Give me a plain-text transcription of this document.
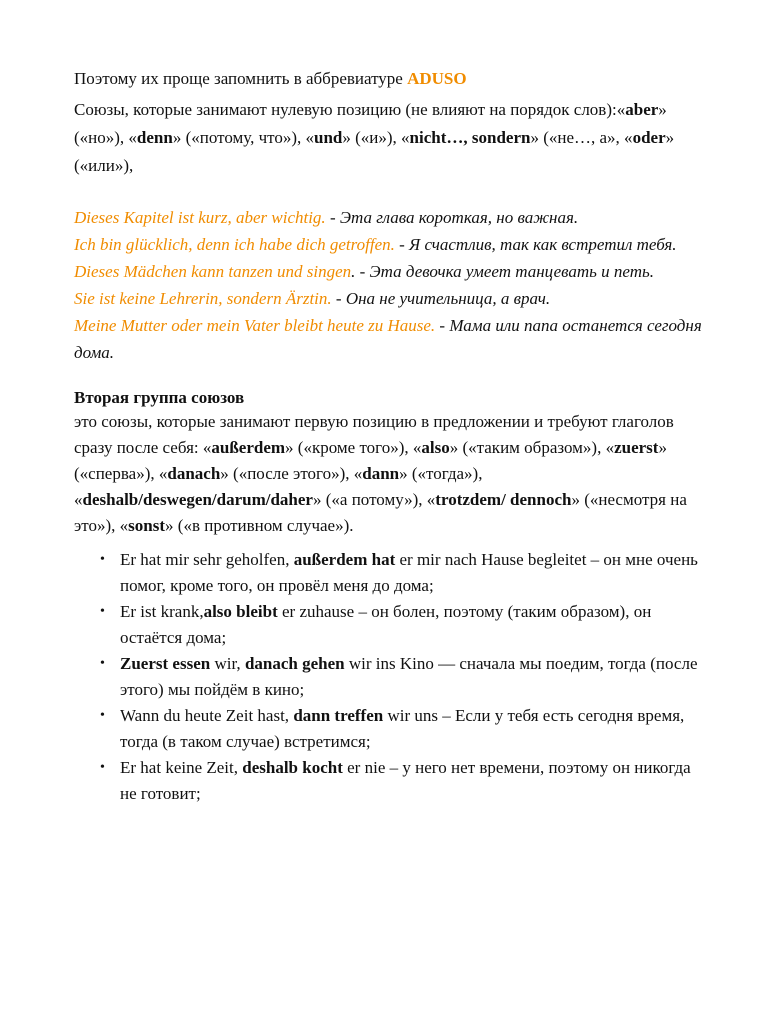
Поэтому их проще запомнить в аббревиатуре ADUSO

Союзы, которые занимают нулевую позицию (не влияют на порядок слов):«aber» («но»), «denn» («потому, что»), «und» («и»), «nicht…, sondern» («не…, а», «oder» («или»),

Dieses Kapitel ist kurz, aber wichtig. - Эта глава короткая, но важная.
Ich bin glücklich, denn ich habe dich getroffen. - Я счастлив, так как встретил тебя.
Dieses Mädchen kann tanzen und singen. - Эта девочка умеет танцевать и петь.
Sie ist keine Lehrerin, sondern Ärztin. - Она не учительница, а врач.
Meine Mutter oder mein Vater bleibt heute zu Hause. - Мама или папа останется сегодня дома.

Вторая группа союзов

это союзы, которые занимают первую позицию в предложении и требуют глаголов сразу после себя: «außerdem» («кроме того»), «also» («таким образом»), «zuerst» («сперва»), «danach» («после этого»), «dann» («тогда»), «deshalb/deswegen/darum/daher» («а потому»), «trotzdem/ dennoch» («несмотря на это»), «sonst» («в противном случае»).

• Er hat mir sehr geholfen, außerdem hat er mir nach Hause begleitet – он мне очень помог, кроме того, он провёл меня до дома;
• Er ist krank,also bleibt er zuhause – он болен, поэтому (таким образом), он остаётся дома;
• Zuerst essen wir, danach gehen wir ins Kino — сначала мы поедим, тогда (после этого) мы пойдём в кино;
• Wann du heute Zeit hast, dann treffen wir uns – Если у тебя есть сегодня время, тогда (в таком случае) встретимся;
• Er hat keine Zeit, deshalb kocht er nie – у него нет времени, поэтому он никогда не готовит;
